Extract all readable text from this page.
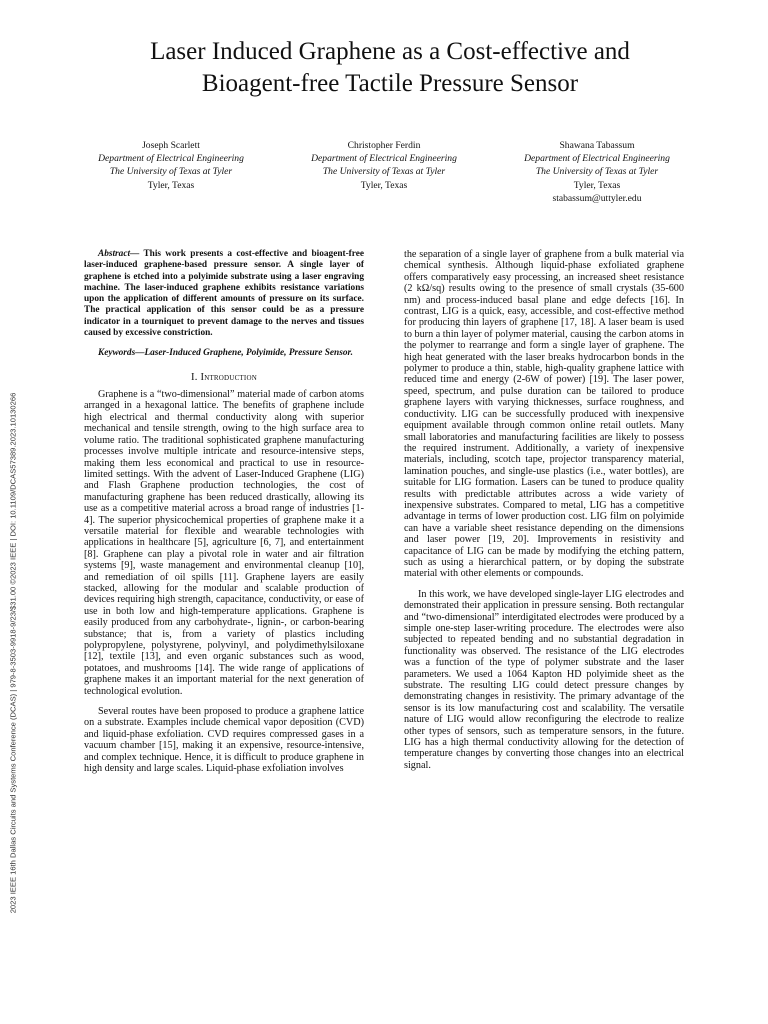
2023 IEEE 16th Dallas Circuits and Systems Conference (DCAS) | 979-8-3503-9918-9/23/$31.00 ©2023 IEEE | DOI: 10.1109/DCAS57389.2023.10130266
Laser Induced Graphene as a Cost-effective and
Bioagent-free Tactile Pressure Sensor
Joseph Scarlett
Department of Electrical Engineering
The University of Texas at Tyler
Tyler, Texas
Christopher Ferdin
Department of Electrical Engineering
The University of Texas at Tyler
Tyler, Texas
Shawana Tabassum
Department of Electrical Engineering
The University of Texas at Tyler
Tyler, Texas
stabassum@uttyler.edu

Abstract— This work presents a cost-effective and bioagent-free laser-induced graphene-based pressure sensor. A single layer of graphene is etched into a polyimide substrate using a laser engraving machine. The laser-induced graphene exhibits resistance variations upon the application of different amounts of pressure on its surface. The practical application of this sensor could be as a pressure indicator in a tourniquet to prevent damage to the nerves and tissues caused by excessive constriction.

Keywords—Laser-Induced Graphene, Polyimide, Pressure Sensor.

I. Introduction

Graphene is a “two-dimensional” material made of carbon atoms arranged in a hexagonal lattice. The benefits of graphene include high electrical and thermal conductivity along with superior mechanical and tensile strength, owing to the high surface area to volume ratio. The traditional sophisticated graphene manufacturing processes involve multiple intricate and resource-intensive steps, making them less economical and practical to use in resource-limited settings. With the advent of Laser-Induced Graphene (LIG) and Flash Graphene production technologies, the cost of manufacturing graphene has been reduced drastically, allowing its use as a competitive material across a broad range of industries [1-4]. The superior physicochemical properties of graphene make it a versatile material for flexible and wearable technologies with applications in healthcare [5], agriculture [6, 7], and entertainment [8]. Graphene can play a pivotal role in water and air filtration systems [9], waste management and environmental cleanup [10], and remediation of oil spills [11]. Graphene layers are easily stacked, allowing for the modular and scalable production of devices requiring high strength, capacitance, conductivity, or ease of use in both low and high-temperature applications. Graphene is easily produced from any carbohydrate-, lignin-, or carbon-bearing substance; that is, from a variety of plastics including polypropylene, polystyrene, polyvinyl, and polydimethylsiloxane [12], textile [13], and even organic substances such as wood, potatoes, and mushrooms [14]. The wide range of applications of graphene makes it an important material for the next generation of technological evolution.

Several routes have been proposed to produce a graphene lattice on a substrate. Examples include chemical vapor deposition (CVD) and liquid-phase exfoliation. CVD requires compressed gases in a vacuum chamber [15], making it an expensive, resource-intensive, and complex technique. Hence, it is difficult to produce graphene in high density and large scales. Liquid-phase exfoliation involves

the separation of a single layer of graphene from a bulk material via chemical synthesis. Although liquid-phase exfoliated graphene offers comparatively easy processing, an increased sheet resistance (2 kΩ/sq) results owing to the presence of small crystals (35-600 nm) and process-induced basal plane and edge defects [16]. In contrast, LIG is a quick, easy, accessible, and cost-effective method for producing thin layers of graphene [17, 18]. A laser beam is used to burn a thin layer of polymer material, causing the carbon atoms in the polymer to rearrange and form a single layer of graphene. The high heat generated with the laser breaks hydrocarbon bonds in the polymer to produce a thin, stable, high-quality graphene lattice with reduced time and energy (2-6W of power) [19]. The laser power, speed, spectrum, and pulse duration can be tailored to produce graphene layers with varying thicknesses, surface roughness, and conductivity. LIG can be successfully produced with inexpensive equipment available through common online retail outlets. Many small laboratories and manufacturing facilities are likely to possess the required instrument. Additionally, a variety of inexpensive materials, including, scotch tape, projector transparency material, lamination pouches, and single-use plastics (i.e., water bottles), are suitable for LIG formation. Lasers can be tuned to produce quality results with predictable attributes across a wide variety of inexpensive substrates. Compared to metal, LIG has a competitive advantage in terms of lower production cost. LIG film on polyimide can have a variable sheet resistance depending on the dimensions and laser power [19, 20]. Improvements in resistivity and capacitance of LIG can be made by modifying the etching pattern, such as using a hierarchical pattern, or by doping the substrate material with other elements or compounds.

In this work, we have developed single-layer LIG electrodes and demonstrated their application in pressure sensing. Both rectangular and “two-dimensional” interdigitated electrodes were produced by a simple one-step laser-writing procedure. The electrodes were also subjected to repeated bending and no substantial degradation in functionality was observed. The resistance of the LIG electrodes was a function of the type of polymer substrate and the laser parameters. We used a 1064 Kapton HD polyimide sheet as the substrate. The resulting LIG could detect pressure changes by demonstrating changes in resistivity. The primary advantage of the sensor is its low manufacturing cost and scalability. The versatile nature of LIG would allow reconfiguring the electrode to realize other types of sensors, such as temperature sensors, in the future. LIG has a high thermal conductivity allowing for the detection of temperature changes by converting those changes into an electrical signal.
